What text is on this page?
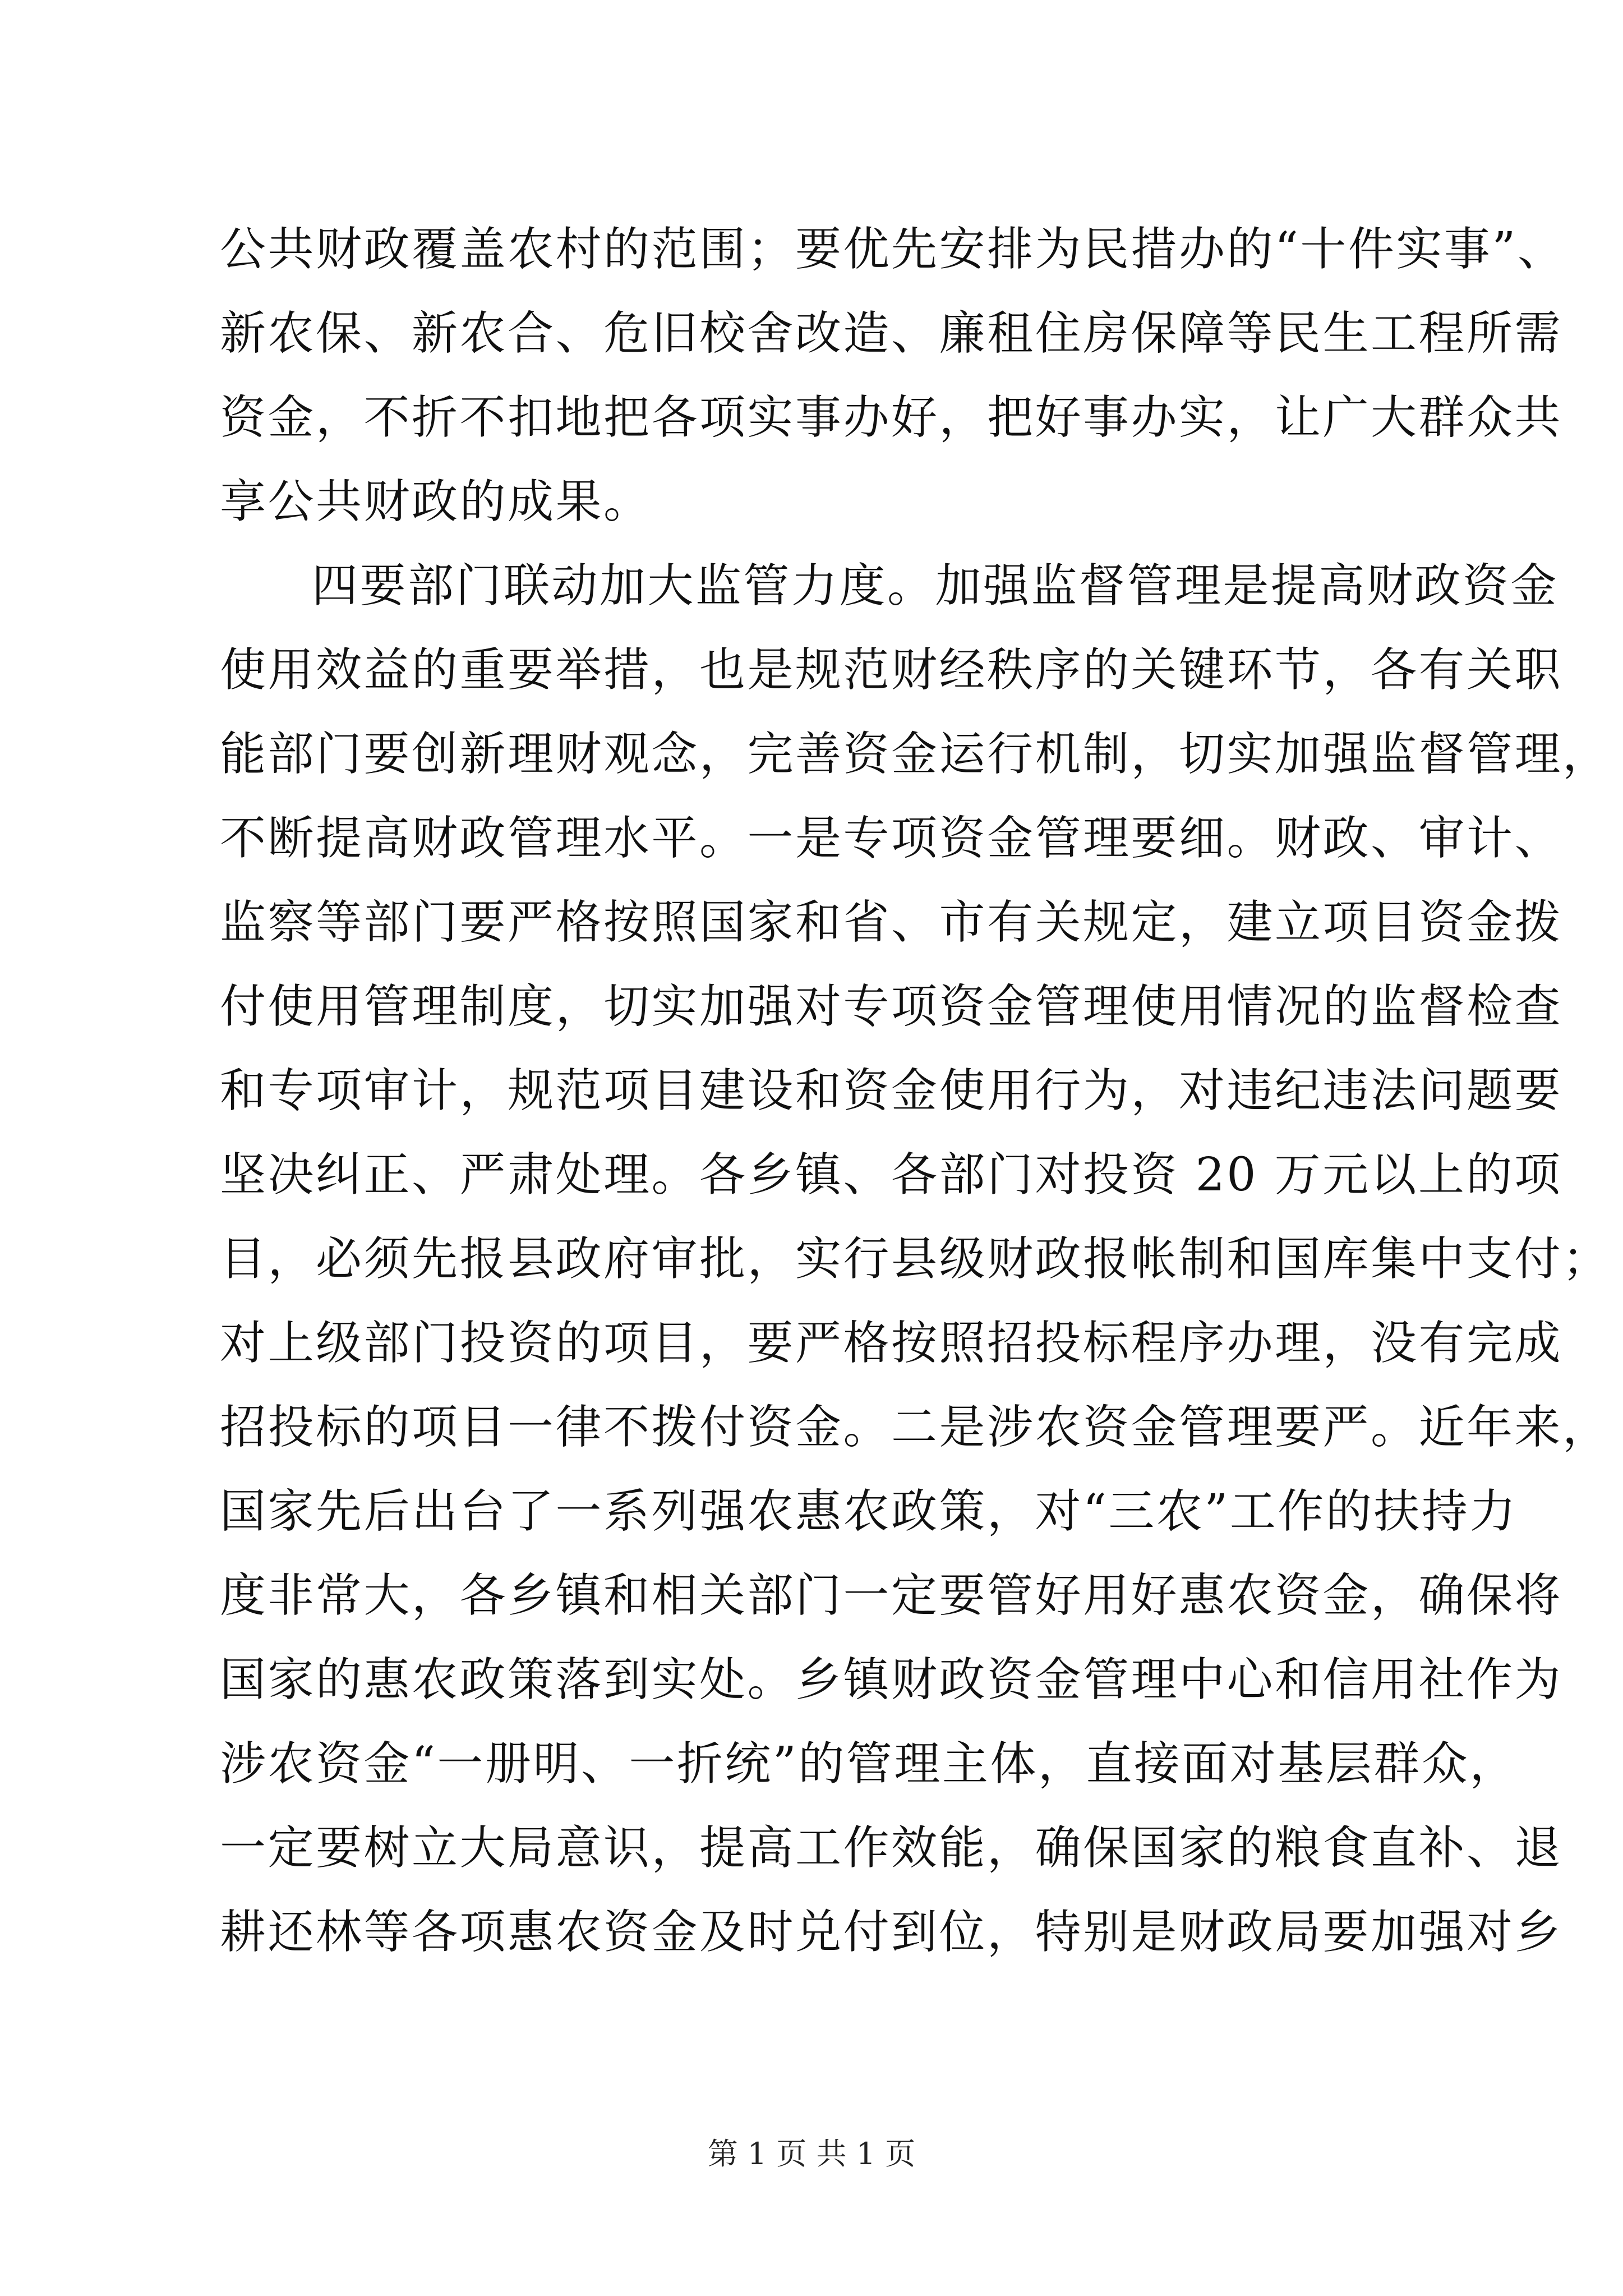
公共财政覆盖农村的范围；要优先安排为民措办的“十件实事”、
新农保、新农合、危旧校舍改造、廉租住房保障等民生工程所需
资金，不折不扣地把各项实事办好，把好事办实，让广大群众共
享公共财政的成果。
四要部门联动加大监管力度。加强监督管理是提高财政资金
使用效益的重要举措，也是规范财经秩序的关键环节，各有关职
能部门要创新理财观念，完善资金运行机制，切实加强监督管理，
不断提高财政管理水平。一是专项资金管理要细。财政、审计、
监察等部门要严格按照国家和省、市有关规定，建立项目资金拨
付使用管理制度，切实加强对专项资金管理使用情况的监督检查
和专项审计，规范项目建设和资金使用行为，对违纪违法问题要
坚决纠正、严肃处理。各乡镇、各部门对投资 20 万元以上的项
目，必须先报县政府审批，实行县级财政报帐制和国库集中支付；
对上级部门投资的项目，要严格按照招投标程序办理，没有完成
招投标的项目一律不拨付资金。二是涉农资金管理要严。近年来，
国家先后出台了一系列强农惠农政策，对“三农”工作的扶持力
度非常大，各乡镇和相关部门一定要管好用好惠农资金，确保将
国家的惠农政策落到实处。乡镇财政资金管理中心和信用社作为
涉农资金“一册明、一折统”的管理主体，直接面对基层群众，
一定要树立大局意识，提高工作效能，确保国家的粮食直补、退
耕还林等各项惠农资金及时兑付到位，特别是财政局要加强对乡
第 1 页 共 1 页
